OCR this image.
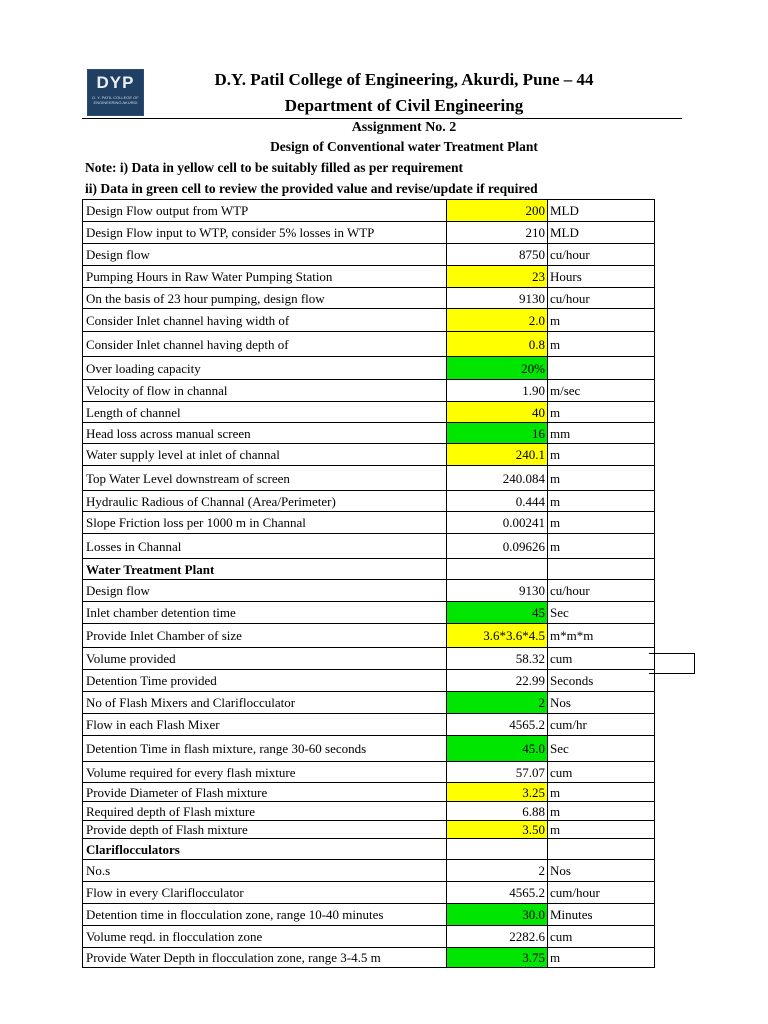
DYP
D. Y. PATIL COLLEGE OF ENGINEERING AKURDI
D.Y. Patil College of Engineering, Akurdi, Pune – 44
Department of Civil Engineering
Assignment No. 2
Design of Conventional water Treatment Plant
Note: i) Data in yellow cell to be suitably filled as per requirement
ii) Data in green cell to review the provided value and revise/update if required
Design Flow output from WTP	200	MLD
Design Flow input to WTP, consider 5% losses in WTP	210	MLD
Design flow	8750	cu/hour
Pumping Hours in Raw Water Pumping Station	23	Hours
On the basis of 23 hour pumping, design flow	9130	cu/hour
Consider Inlet channel having width of	2.0	m
Consider Inlet channel having depth of	0.8	m
Over loading capacity	20%	
Velocity of flow in channal	1.90	m/sec
Length of channel	40	m
Head loss across manual screen	16	mm
Water supply level at inlet of channal	240.1	m
Top Water Level downstream of screen	240.084	m
Hydraulic Radious of Channal (Area/Perimeter)	0.444	m
Slope Friction loss per 1000 m in Channal	0.00241	m
Losses in Channal	0.09626	m
Water Treatment Plant		
Design flow	9130	cu/hour
Inlet chamber detention time	45	Sec
Provide Inlet Chamber of size	3.6*3.6*4.5	m*m*m
Volume provided	58.32	cum
Detention Time provided	22.99	Seconds
No of Flash Mixers and Clariflocculator	2	Nos
Flow in each Flash Mixer	4565.2	cum/hr
Detention Time in flash mixture, range 30-60 seconds	45.0	Sec
Volume required for every flash mixture	57.07	cum
Provide Diameter of Flash mixture	3.25	m
Required depth of Flash mixture	6.88	m
Provide depth of Flash mixture	3.50	m
Clariflocculators		
No.s	2	Nos
Flow in every Clariflocculator	4565.2	cum/hour
Detention time in flocculation zone, range 10-40 minutes	30.0	Minutes
Volume reqd. in flocculation zone	2282.6	cum
Provide Water Depth in flocculation zone, range 3-4.5 m	3.75	m
